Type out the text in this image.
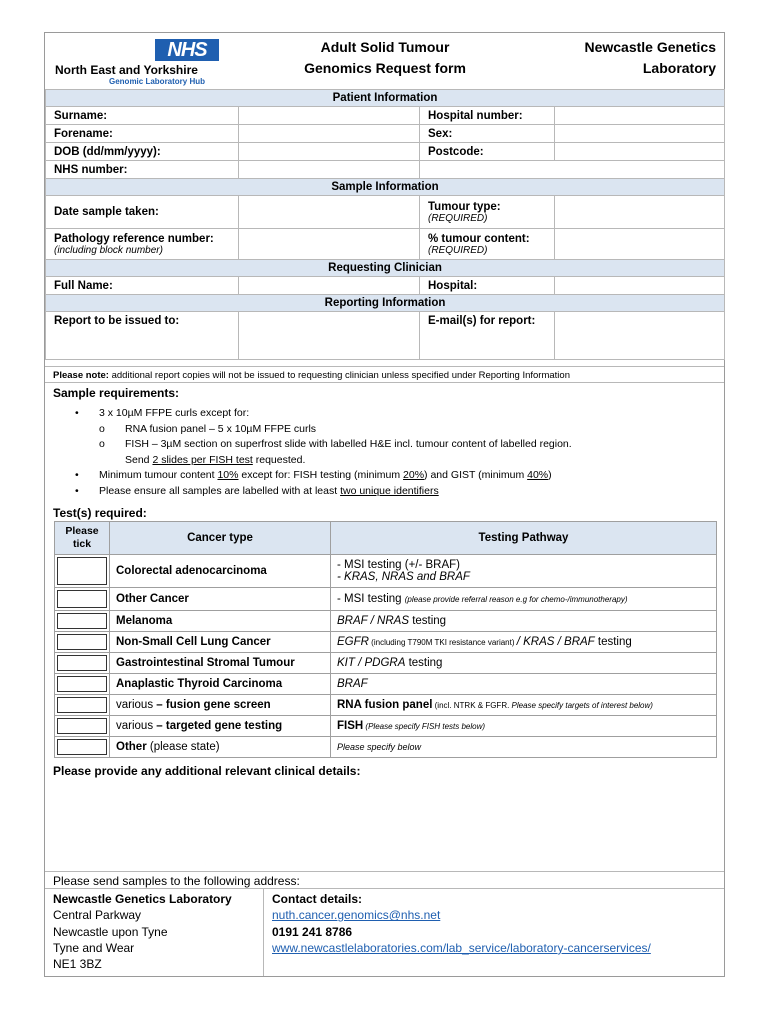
NHS
North East and Yorkshire
Genomic Laboratory Hub
Adult Solid Tumour
Genomics Request form
Newcastle Genetics
Laboratory
Patient Information			
Surname:		Hospital number:	
Forename:		Sex:	
DOB (dd/mm/yyyy):		Postcode:	
NHS number:			
Sample Information			
Date sample taken:		Tumour type:
(REQUIRED)	

Pathology reference number:
(including block number)		% tumour content:
(REQUIRED)	

Requesting Clinician			
Full Name:		Hospital:	
Reporting Information			
Report to be issued to:		E-mail(s) for report:	
Please note: additional report copies will not be issued to requesting clinician unless specified under Reporting Information
Sample requirements:
• 3 x 10µM FFPE curls except for:
o RNA fusion panel – 5 x 10µM FFPE curls
o FISH – 3µM section on superfrost slide with labelled H&E incl. tumour content of labelled region.
Send 2 slides per FISH test requested.
• Minimum tumour content 10% except for: FISH testing (minimum 20%) and GIST (minimum 40%)
• Please ensure all samples are labelled with at least two unique identifiers
Test(s) required:
Please tick	Cancer type	Testing Pathway

	Colorectal adenocarcinoma	- MSI testing (+/- BRAF)
- KRAS, NRAS and BRAF

	Other Cancer	- MSI testing (please provide referral reason e.g for chemo-/immunotherapy)

	Melanoma	BRAF / NRAS testing

	Non-Small Cell Lung Cancer	EGFR (including T790M TKI resistance variant) / KRAS / BRAF testing

	Gastrointestinal Stromal Tumour	KIT / PDGRA testing

	Anaplastic Thyroid Carcinoma	BRAF

	various – fusion gene screen	RNA fusion panel (incl. NTRK & FGFR. Please specify targets of interest below)

	various – targeted gene testing	FISH (Please specify FISH tests below)

	Other (please state)	Please specify below
Please provide any additional relevant clinical details:
Please send samples to the following address:
Newcastle Genetics Laboratory
Central Parkway
Newcastle upon Tyne
Tyne and Wear
NE1 3BZ
Contact details:
nuth.cancer.genomics@nhs.net
0191 241 8786
www.newcastlelaboratories.com/lab_service/laboratory-cancerservices/
